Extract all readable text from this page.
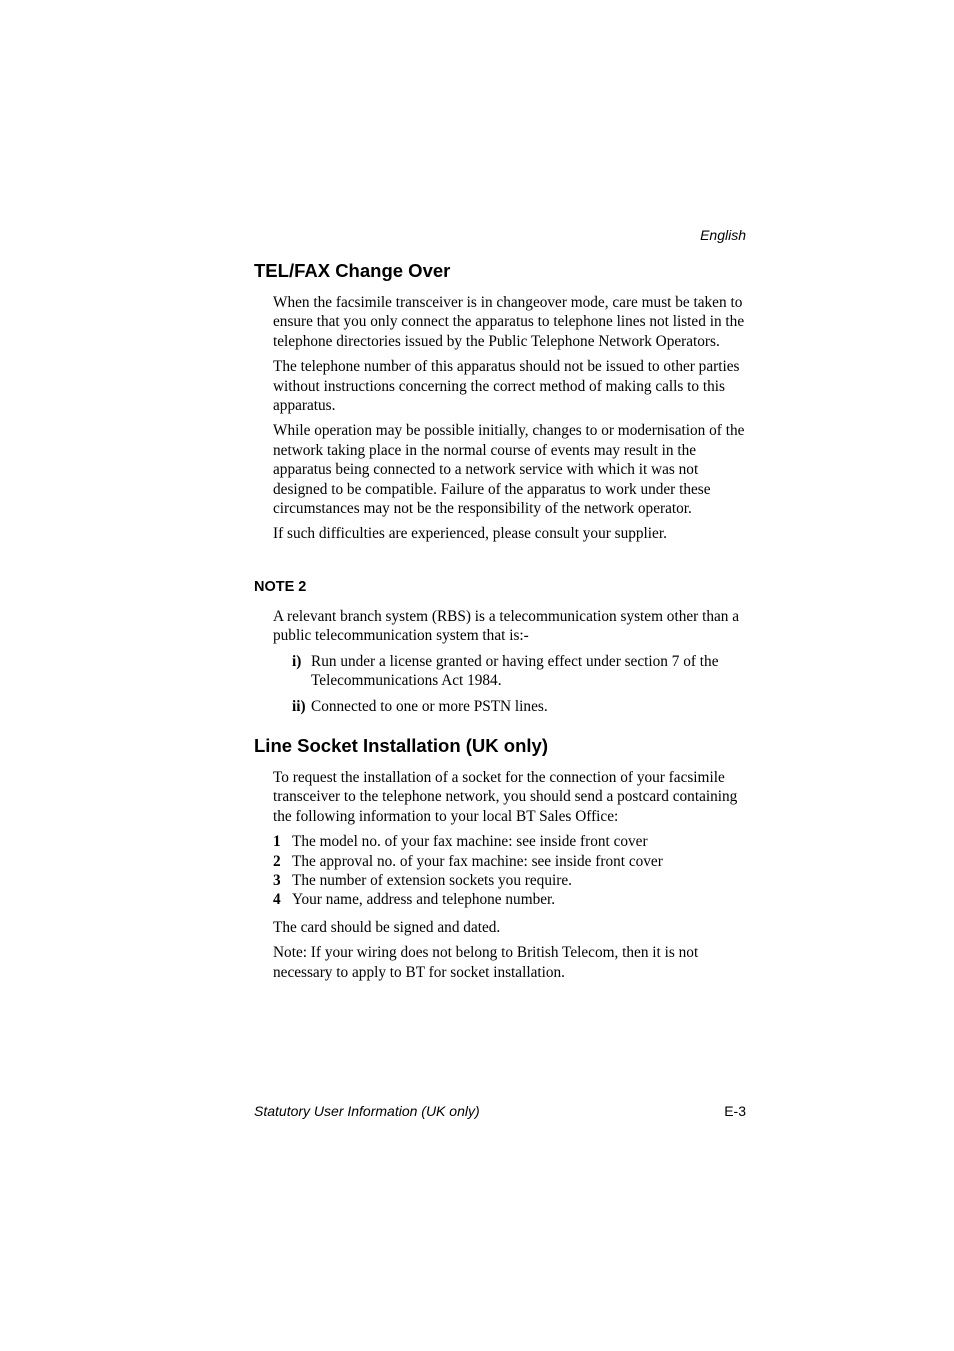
English
TEL/FAX Change Over

When the facsimile transceiver is in changeover mode, care must be taken to ensure that you only connect the apparatus to telephone lines not listed in the telephone directories issued by the Public Telephone Network Operators.

The telephone number of this apparatus should not be issued to other parties without instructions concerning the correct method of making calls to this apparatus.

While operation may be possible initially, changes to or modernisation of the network taking place in the normal course of events may result in the apparatus being connected to a network service with which it was not designed to be compatible. Failure of the apparatus to work under these circumstances may not be the responsibility of the network operator.

If such difficulties are experienced, please consult your supplier.

NOTE 2

A relevant branch system (RBS) is a telecommunication system other than a public telecommunication system that is:-

i) Run under a license granted or having effect under section 7 of the Telecommunications Act 1984.
ii) Connected to one or more PSTN lines.
Line Socket Installation (UK only)

To request the installation of a socket for the connection of your facsimile transceiver to the telephone network, you should send a postcard containing the following information to your local BT Sales Office:

1 The model no. of your fax machine: see inside front cover
2 The approval no. of your fax machine: see inside front cover
3 The number of extension sockets you require.
4 Your name, address and telephone number.

The card should be signed and dated.

Note: If your wiring does not belong to British Telecom, then it is not necessary to apply to BT for socket installation.

Statutory User Information (UK only)	E-3
